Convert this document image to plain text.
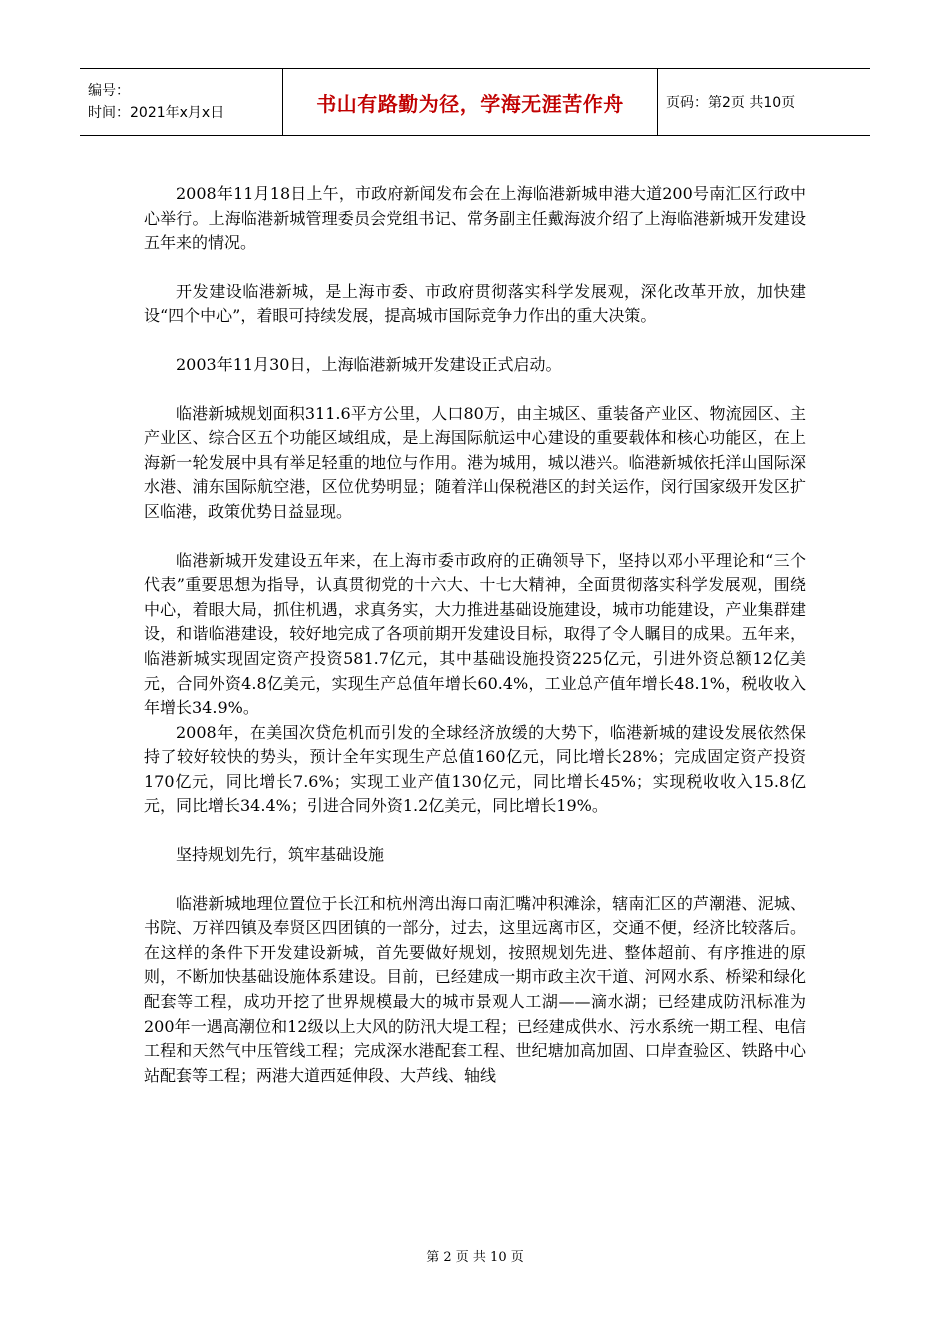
编号：
时间：2021年x月x日	书山有路勤为径，学海无涯苦作舟	页码：第2页 共10页

2008年11月18日上午，市政府新闻发布会在上海临港新城申港大道200号南汇区行政中心举行。上海临港新城管理委员会党组书记、常务副主任戴海波介绍了上海临港新城开发建设五年来的情况。

开发建设临港新城，是上海市委、市政府贯彻落实科学发展观，深化改革开放，加快建设“四个中心”，着眼可持续发展，提高城市国际竞争力作出的重大决策。

2003年11月30日，上海临港新城开发建设正式启动。

临港新城规划面积311.6平方公里，人口80万，由主城区、重装备产业区、物流园区、主产业区、综合区五个功能区域组成，是上海国际航运中心建设的重要载体和核心功能区，在上海新一轮发展中具有举足轻重的地位与作用。港为城用，城以港兴。临港新城依托洋山国际深水港、浦东国际航空港，区位优势明显；随着洋山保税港区的封关运作，闵行国家级开发区扩区临港，政策优势日益显现。

临港新城开发建设五年来，在上海市委市政府的正确领导下，坚持以邓小平理论和“三个代表”重要思想为指导，认真贯彻党的十六大、十七大精神，全面贯彻落实科学发展观，围绕中心，着眼大局，抓住机遇，求真务实，大力推进基础设施建设，城市功能建设，产业集群建设，和谐临港建设，较好地完成了各项前期开发建设目标，取得了令人瞩目的成果。五年来，临港新城实现固定资产投资581.7亿元，其中基础设施投资225亿元，引进外资总额12亿美元，合同外资4.8亿美元，实现生产总值年增长60.4%，工业总产值年增长48.1%，税收收入年增长34.9%。

2008年，在美国次贷危机而引发的全球经济放缓的大势下，临港新城的建设发展依然保持了较好较快的势头，预计全年实现生产总值160亿元，同比增长28%；完成固定资产投资170亿元，同比增长7.6%；实现工业产值130亿元，同比增长45%；实现税收收入15.8亿元，同比增长34.4%；引进合同外资1.2亿美元，同比增长19%。

坚持规划先行，筑牢基础设施

临港新城地理位置位于长江和杭州湾出海口南汇嘴冲积滩涂，辖南汇区的芦潮港、泥城、书院、万祥四镇及奉贤区四团镇的一部分，过去，这里远离市区，交通不便，经济比较落后。在这样的条件下开发建设新城，首先要做好规划，按照规划先进、整体超前、有序推进的原则，不断加快基础设施体系建设。目前，已经建成一期市政主次干道、河网水系、桥梁和绿化配套等工程，成功开挖了世界规模最大的城市景观人工湖——滴水湖；已经建成防汛标准为200年一遇高潮位和12级以上大风的防汛大堤工程；已经建成供水、污水系统一期工程、电信工程和天然气中压管线工程；完成深水港配套工程、世纪塘加高加固、口岸查验区、铁路中心站配套等工程；两港大道西延伸段、大芦线、轴线

第 2 页 共 10 页
